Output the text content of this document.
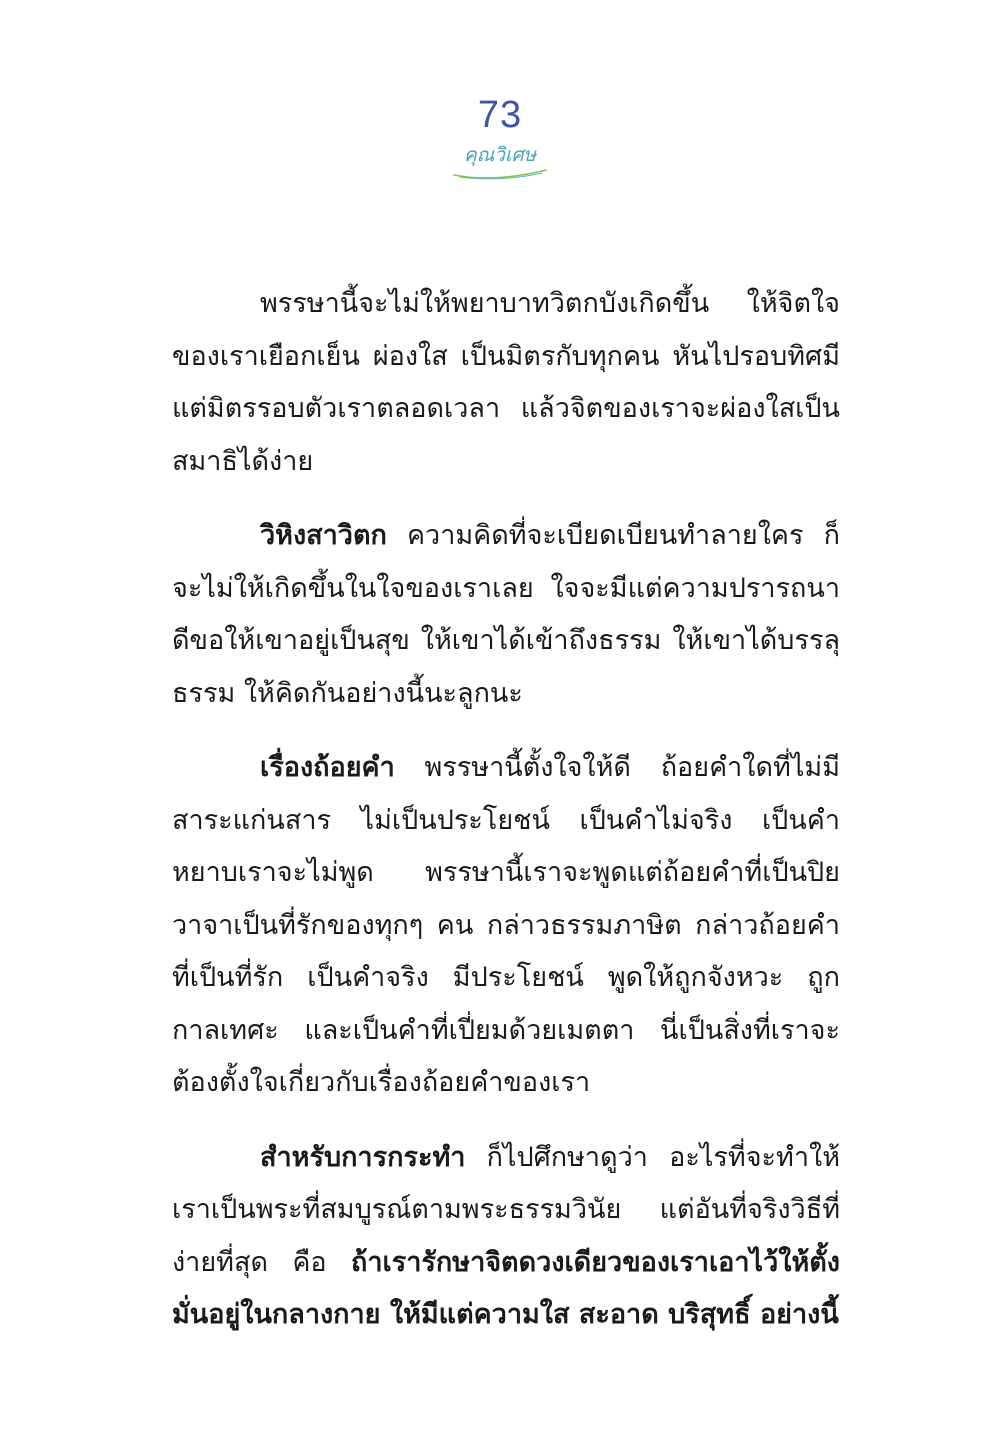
73
คุณวิเศษ

พรรษานี้จะไม่ให้พยาบาทวิตกบังเกิดขึ้น ให้จิตใจของเราเยือกเย็น ผ่องใส เป็นมิตรกับทุกคน หันไปรอบทิศมีแต่มิตรรอบตัวเราตลอดเวลา แล้วจิตของเราจะผ่องใสเป็นสมาธิได้ง่าย

วิหิงสาวิตก ความคิดที่จะเบียดเบียนทำลายใคร ก็จะไม่ให้เกิดขึ้นในใจของเราเลย ใจจะมีแต่ความปรารถนาดีขอให้เขาอยู่เป็นสุข ให้เขาได้เข้าถึงธรรม ให้เขาได้บรรลุธรรม ให้คิดกันอย่างนี้นะลูกนะ

เรื่องถ้อยคำ พรรษานี้ตั้งใจให้ดี ถ้อยคำใดที่ไม่มีสาระแก่นสาร ไม่เป็นประโยชน์ เป็นคำไม่จริง เป็นคำหยาบเราจะไม่พูด พรรษานี้เราจะพูดแต่ถ้อยคำที่เป็นปิยวาจาเป็นที่รักของทุกๆ คน กล่าวธรรมภาษิต กล่าวถ้อยคำที่เป็นที่รัก เป็นคำจริง มีประโยชน์ พูดให้ถูกจังหวะ ถูกกาลเทศะ และเป็นคำที่เปี่ยมด้วยเมตตา นี่เป็นสิ่งที่เราจะต้องตั้งใจเกี่ยวกับเรื่องถ้อยคำของเรา

สำหรับการกระทำ ก็ไปศึกษาดูว่า อะไรที่จะทำให้เราเป็นพระที่สมบูรณ์ตามพระธรรมวินัย แต่อันที่จริงวิธีที่ง่ายที่สุด คือ ถ้าเรารักษาจิตดวงเดียวของเราเอาไว้ให้ตั้งมั่นอยู่ในกลางกาย ให้มีแต่ความใส สะอาด บริสุทธิ์ อย่างนี้
